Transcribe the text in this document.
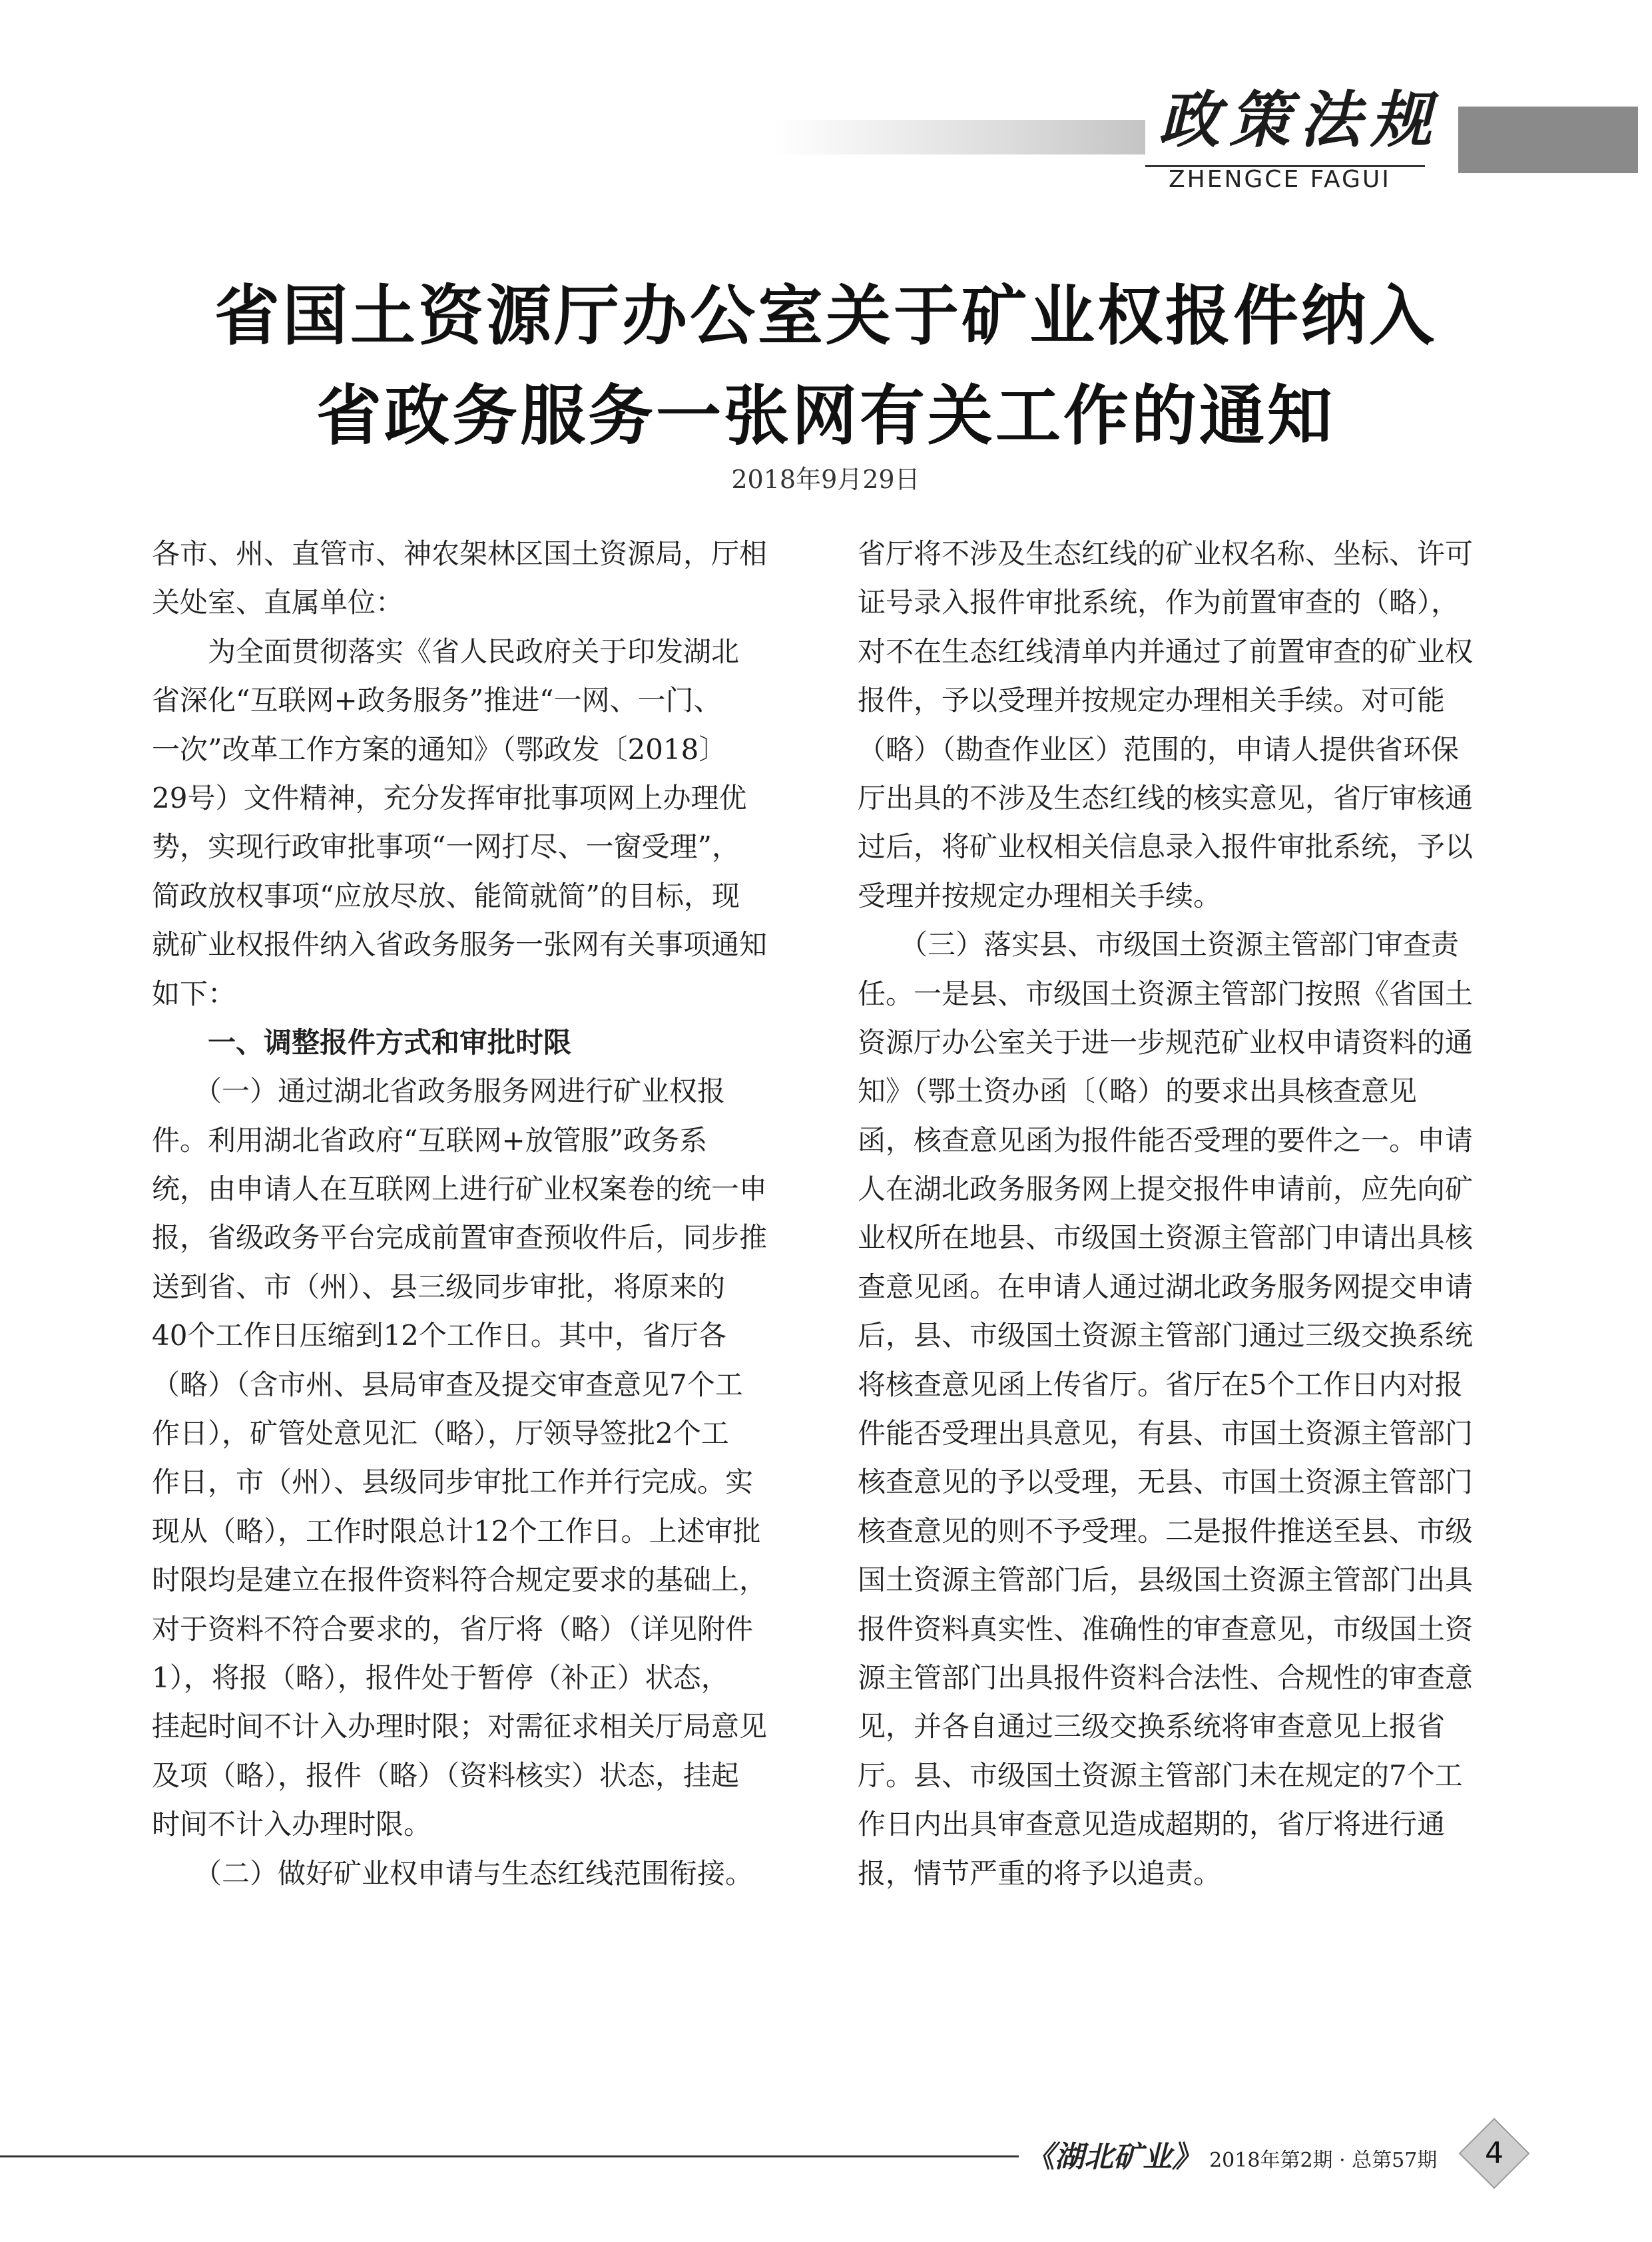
政策法规
ZHENGCE FAGUI
省国土资源厅办公室关于矿业权报件纳入
省政务服务一张网有关工作的通知
2018年9月29日
各市、州、直管市、神农架林区国土资源局，厅相
关处室、直属单位：
　　为全面贯彻落实《省人民政府关于印发湖北
省深化“互联网+政务服务”推进“一网、一门、
一次”改革工作方案的通知》（鄂政发〔2018〕
29号）文件精神，充分发挥审批事项网上办理优
势，实现行政审批事项“一网打尽、一窗受理”，
简政放权事项“应放尽放、能简就简”的目标，现
就矿业权报件纳入省政务服务一张网有关事项通知
如下：
　　一、调整报件方式和审批时限
　　（一）通过湖北省政务服务网进行矿业权报
件。利用湖北省政府“互联网+放管服”政务系
统，由申请人在互联网上进行矿业权案卷的统一申
报，省级政务平台完成前置审查预收件后，同步推
送到省、市（州）、县三级同步审批，将原来的
40个工作日压缩到12个工作日。其中，省厅各
（略）（含市州、县局审查及提交审查意见7个工
作日），矿管处意见汇（略），厅领导签批2个工
作日，市（州）、县级同步审批工作并行完成。实
现从（略），工作时限总计12个工作日。上述审批
时限均是建立在报件资料符合规定要求的基础上，
对于资料不符合要求的，省厅将（略）（详见附件
1），将报（略），报件处于暂停（补正）状态，
挂起时间不计入办理时限；对需征求相关厅局意见
及项（略），报件（略）（资料核实）状态，挂起
时间不计入办理时限。
　　（二）做好矿业权申请与生态红线范围衔接。
省厅将不涉及生态红线的矿业权名称、坐标、许可
证号录入报件审批系统，作为前置审查的（略），
对不在生态红线清单内并通过了前置审查的矿业权
报件，予以受理并按规定办理相关手续。对可能
（略）（勘查作业区）范围的，申请人提供省环保
厅出具的不涉及生态红线的核实意见，省厅审核通
过后，将矿业权相关信息录入报件审批系统，予以
受理并按规定办理相关手续。
　　（三）落实县、市级国土资源主管部门审查责
任。一是县、市级国土资源主管部门按照《省国土
资源厅办公室关于进一步规范矿业权申请资料的通
知》（鄂土资办函〔（略）的要求出具核查意见
函，核查意见函为报件能否受理的要件之一。申请
人在湖北政务服务网上提交报件申请前，应先向矿
业权所在地县、市级国土资源主管部门申请出具核
查意见函。在申请人通过湖北政务服务网提交申请
后，县、市级国土资源主管部门通过三级交换系统
将核查意见函上传省厅。省厅在5个工作日内对报
件能否受理出具意见，有县、市国土资源主管部门
核查意见的予以受理，无县、市国土资源主管部门
核查意见的则不予受理。二是报件推送至县、市级
国土资源主管部门后，县级国土资源主管部门出具
报件资料真实性、准确性的审查意见，市级国土资
源主管部门出具报件资料合法性、合规性的审查意
见，并各自通过三级交换系统将审查意见上报省
厅。县、市级国土资源主管部门未在规定的7个工
作日内出具审查意见造成超期的，省厅将进行通
报，情节严重的将予以追责。
《湖北矿业》 2018年第2期 · 总第57期	4
